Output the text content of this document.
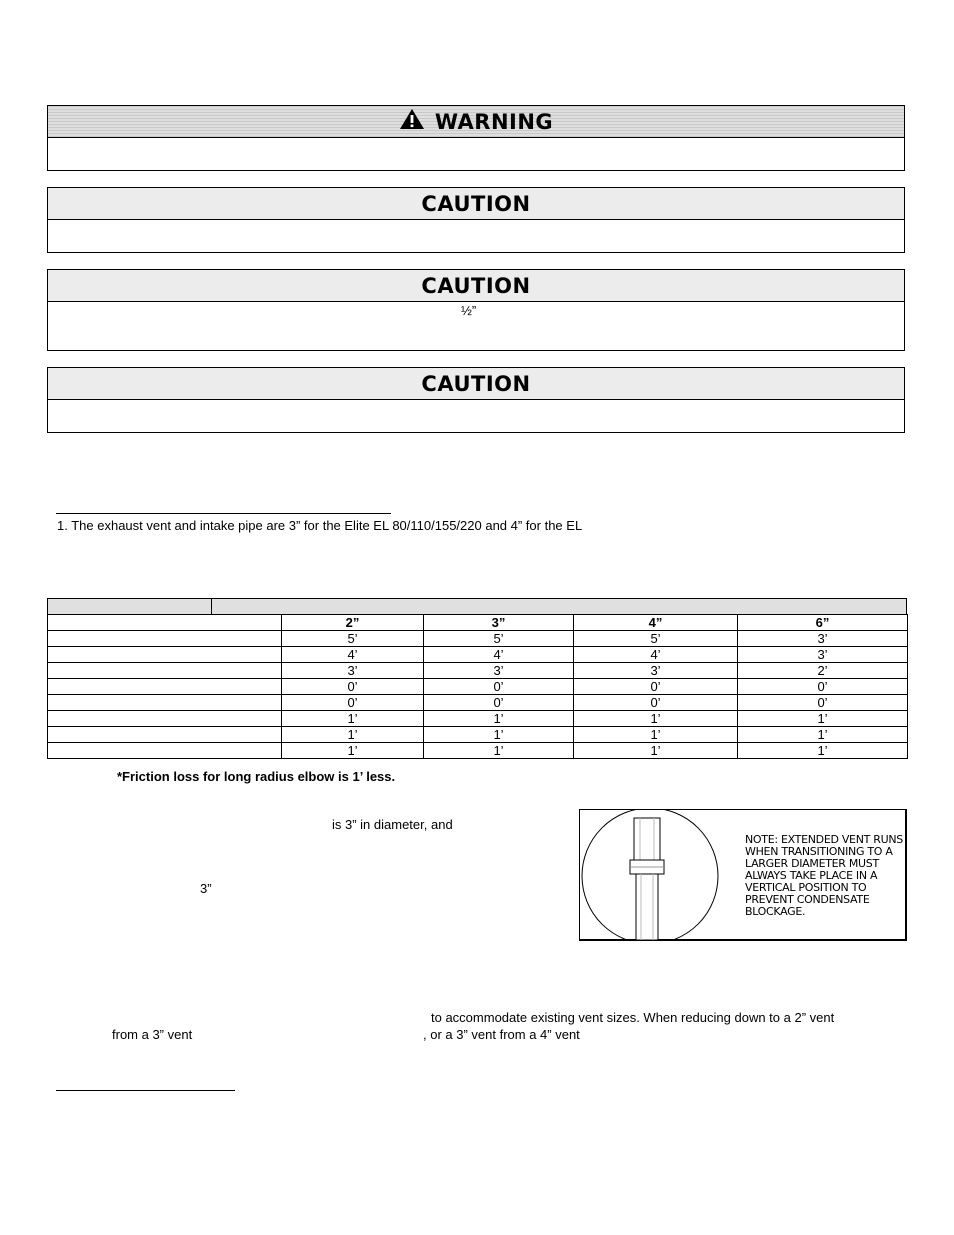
WARNING
CAUTION
CAUTION
½”
CAUTION
1. The exhaust vent and intake pipe are 3” for the Elite EL 80/110/155/220 and 4” for the EL
	2”	3”	4”	6”
	5’	5’	5’	3’
	4’	4’	4’	3’
	3’	3’	3’	2’
	0’	0’	0’	0’
	0’	0’	0’	0’
	1’	1’	1’	1’
	1’	1’	1’	1’
	1’	1’	1’	1’
*Friction loss for long radius elbow is 1’ less.
is 3” in diameter, and
3”
NOTE: EXTENDED VENT RUNS WHEN TRANSITIONING TO A LARGER DIAMETER MUST ALWAYS TAKE PLACE IN A VERTICAL POSITION TO PREVENT CONDENSATE BLOCKAGE.
to accommodate existing vent sizes. When reducing down to a 2” vent
from a 3” vent	, or a 3” vent from a 4” vent
